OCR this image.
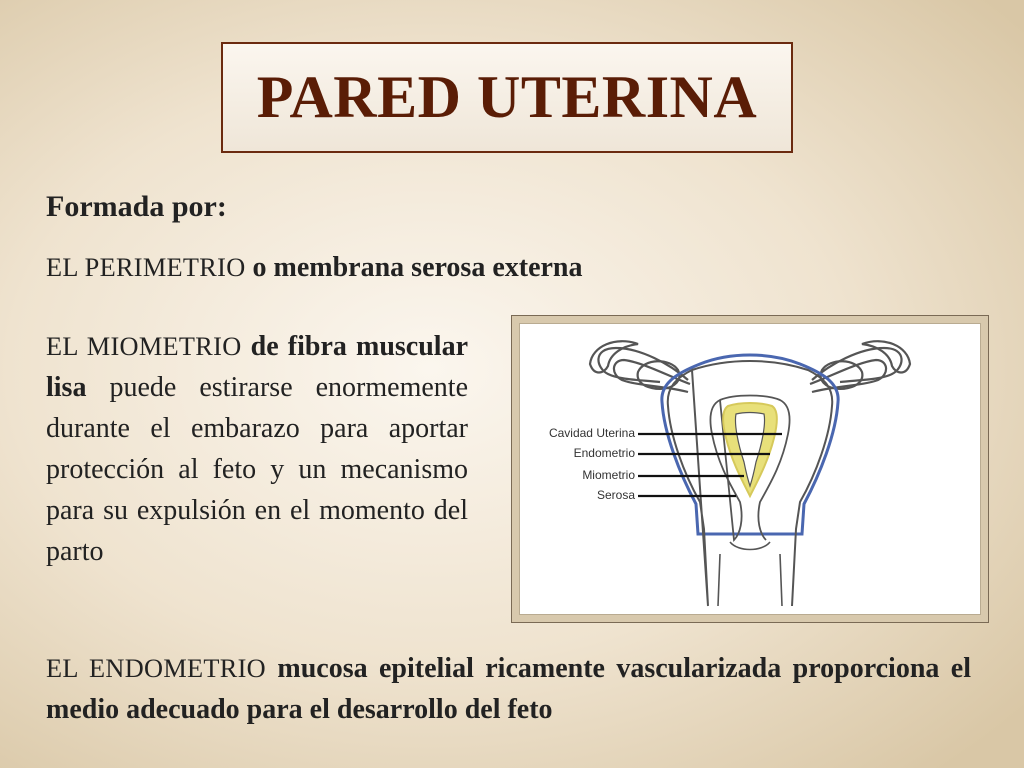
PARED UTERINA
Formada por:
EL PERIMETRIO o membrana serosa externa
EL MIOMETRIO de fibra muscular lisa puede estirarse enormemente durante el embarazo para aportar protección al feto y un mecanismo para su expulsión en el momento del parto
Cavidad Uterina
Endometrio
Miometrio
Serosa
EL ENDOMETRIO mucosa epitelial ricamente vascularizada proporciona el medio adecuado para el desarrollo del feto
